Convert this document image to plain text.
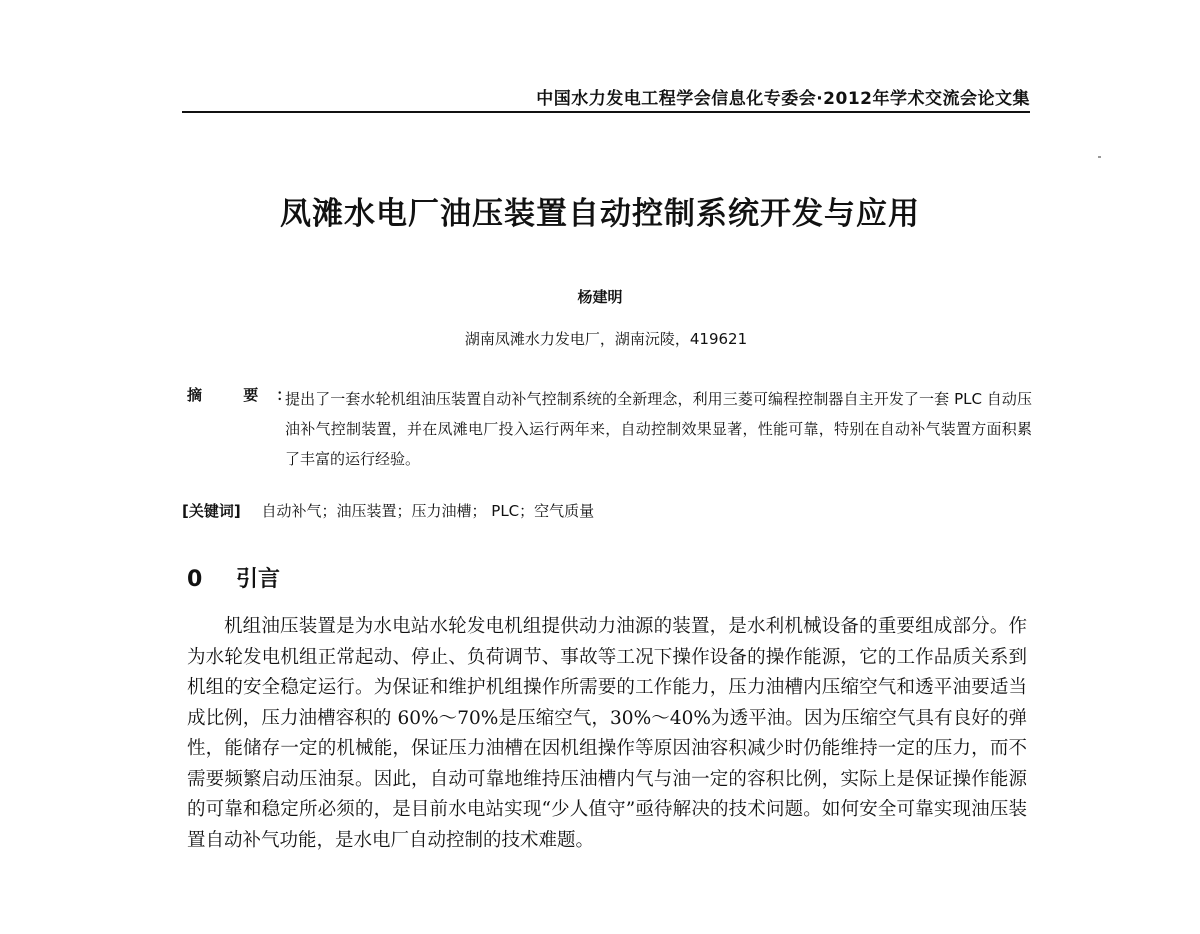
中国水力发电工程学会信息化专委会·2012年学术交流会论文集
凤滩水电厂油压装置自动控制系统开发与应用
杨建明
湖南凤滩水力发电厂，湖南沅陵，419621
摘 要：
提出了一套水轮机组油压装置自动补气控制系统的全新理念，利用三菱可编程控制器自主开发了一套 PLC 自动压油补气控制装置，并在凤滩电厂投入运行两年来，自动控制效果显著，性能可靠，特别在自动补气装置方面积累了丰富的运行经验。
[关键词] 自动补气；油压装置；压力油槽； PLC；空气质量
0 引言
机组油压装置是为水电站水轮发电机组提供动力油源的装置，是水利机械设备的重要组成部分。作为水轮发电机组正常起动、停止、负荷调节、事故等工况下操作设备的操作能源，它的工作品质关系到机组的安全稳定运行。为保证和维护机组操作所需要的工作能力，压力油槽内压缩空气和透平油要适当成比例，压力油槽容积的 60%～70%是压缩空气，30%～40%为透平油。因为压缩空气具有良好的弹性，能储存一定的机械能，保证压力油槽在因机组操作等原因油容积减少时仍能维持一定的压力，而不需要频繁启动压油泵。因此，自动可靠地维持压油槽内气与油一定的容积比例，实际上是保证操作能源的可靠和稳定所必须的，是目前水电站实现“少人值守”亟待解决的技术问题。如何安全可靠实现油压装置自动补气功能，是水电厂自动控制的技术难题。
